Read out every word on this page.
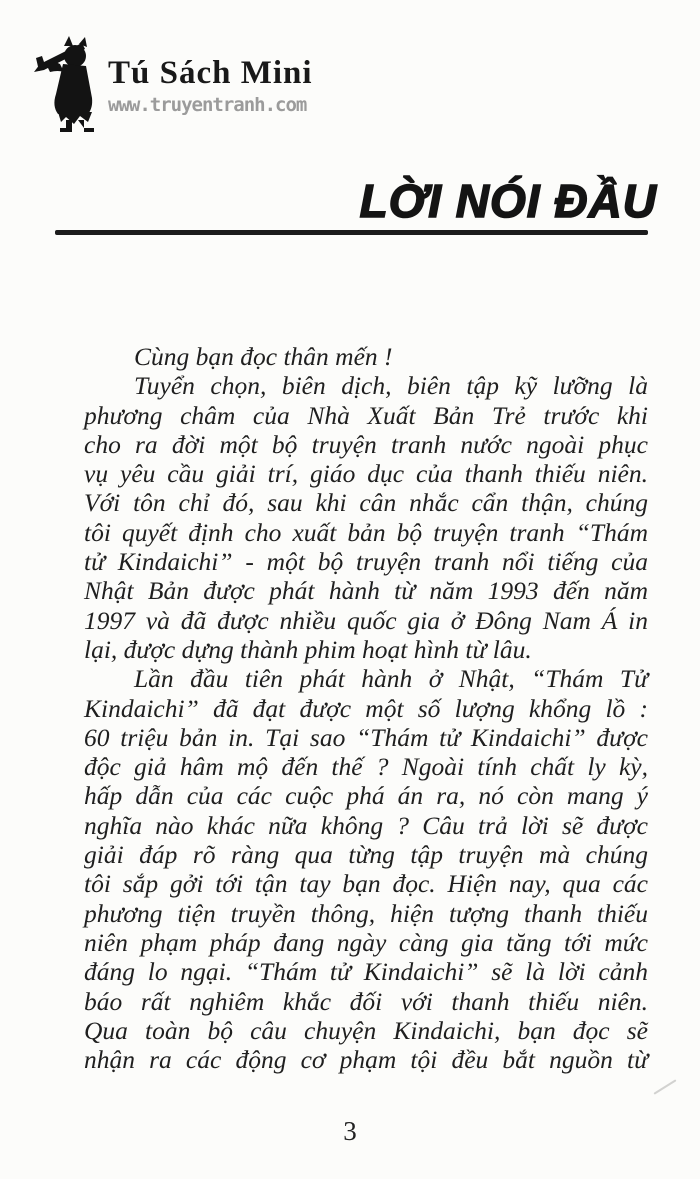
Tú Sách Mini
www.truyentranh.com
LỜI NÓI ĐẦU
Cùng bạn đọc thân mến !
Tuyển chọn, biên dịch, biên tập kỹ lưỡng là
phương châm của Nhà Xuất Bản Trẻ trước khi
cho ra đời một bộ truyện tranh nước ngoài phục
vụ yêu cầu giải trí, giáo dục của thanh thiếu niên.
Với tôn chỉ đó, sau khi cân nhắc cẩn thận, chúng
tôi quyết định cho xuất bản bộ truyện tranh “Thám
tử Kindaichi” - một bộ truyện tranh nổi tiếng của
Nhật Bản được phát hành từ năm 1993 đến năm
1997 và đã được nhiều quốc gia ở Đông Nam Á in
lại, được dựng thành phim hoạt hình từ lâu.
Lần đầu tiên phát hành ở Nhật, “Thám Tử
Kindaichi” đã đạt được một số lượng khổng lồ :
60 triệu bản in. Tại sao “Thám tử Kindaichi” được
độc giả hâm mộ đến thế ? Ngoài tính chất ly kỳ,
hấp dẫn của các cuộc phá án ra, nó còn mang ý
nghĩa nào khác nữa không ? Câu trả lời sẽ được
giải đáp rõ ràng qua từng tập truyện mà chúng
tôi sắp gởi tới tận tay bạn đọc. Hiện nay, qua các
phương tiện truyền thông, hiện tượng thanh thiếu
niên phạm pháp đang ngày càng gia tăng tới mức
đáng lo ngại. “Thám tử Kindaichi” sẽ là lời cảnh
báo rất nghiêm khắc đối với thanh thiếu niên.
Qua toàn bộ câu chuyện Kindaichi, bạn đọc sẽ
nhận ra các động cơ phạm tội đều bắt nguồn từ
3
